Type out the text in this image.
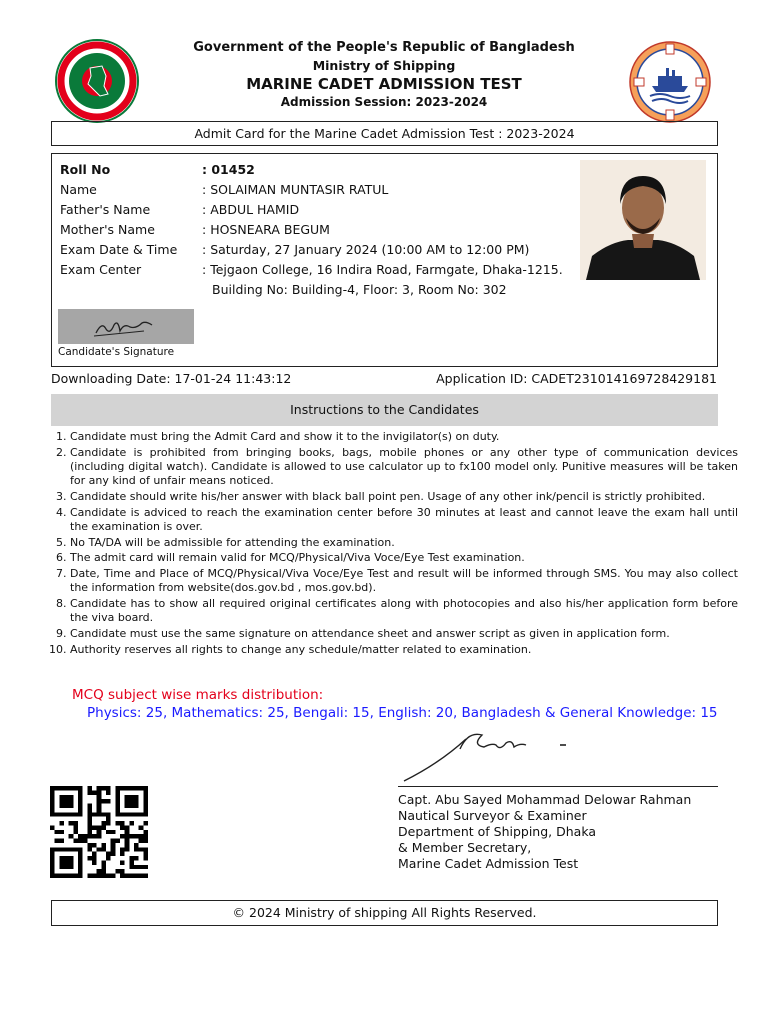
Government of the People's Republic of Bangladesh
Ministry of Shipping
MARINE CADET ADMISSION TEST
Admission Session: 2023-2024
Admit Card for the Marine Cadet Admission Test : 2023-2024
Roll No	: 01452
Name	: SOLAIMAN MUNTASIR RATUL
Father's Name	: ABDUL HAMID
Mother's Name	: HOSNEARA BEGUM
Exam Date & Time : Saturday, 27 January 2024 (10:00 AM to 12:00 PM)
Exam Center	: Tejgaon College, 16 Indira Road, Farmgate, Dhaka-1215.
Building No: Building-4, Floor: 3, Room No: 302
Candidate's Signature
Downloading Date: 17-01-24 11:43:12	Application ID: CADET231014169728429181
Instructions to the Candidates
1. Candidate must bring the Admit Card and show it to the invigilator(s) on duty.
2. Candidate is prohibited from bringing books, bags, mobile phones or any other type of communication devices (including digital watch). Candidate is allowed to use calculator up to fx100 model only. Punitive measures will be taken for any kind of unfair means noticed.
3. Candidate should write his/her answer with black ball point pen. Usage of any other ink/pencil is strictly prohibited.
4. Candidate is adviced to reach the examination center before 30 minutes at least and cannot leave the exam hall until the examination is over.
5. No TA/DA will be admissible for attending the examination.
6. The admit card will remain valid for MCQ/Physical/Viva Voce/Eye Test examination.
7. Date, Time and Place of MCQ/Physical/Viva Voce/Eye Test and result will be informed through SMS. You may also collect the information from website(dos.gov.bd , mos.gov.bd).
8. Candidate has to show all required original certificates along with photocopies and also his/her application form before the viva board.
9. Candidate must use the same signature on attendance sheet and answer script as given in application form.
10. Authority reserves all rights to change any schedule/matter related to examination.
MCQ subject wise marks distribution:
Physics: 25, Mathematics: 25, Bengali: 15, English: 20, Bangladesh & General Knowledge: 15
Capt. Abu Sayed Mohammad Delowar Rahman
Nautical Surveyor & Examiner
Department of Shipping, Dhaka
& Member Secretary,
Marine Cadet Admission Test
© 2024 Ministry of shipping All Rights Reserved.
